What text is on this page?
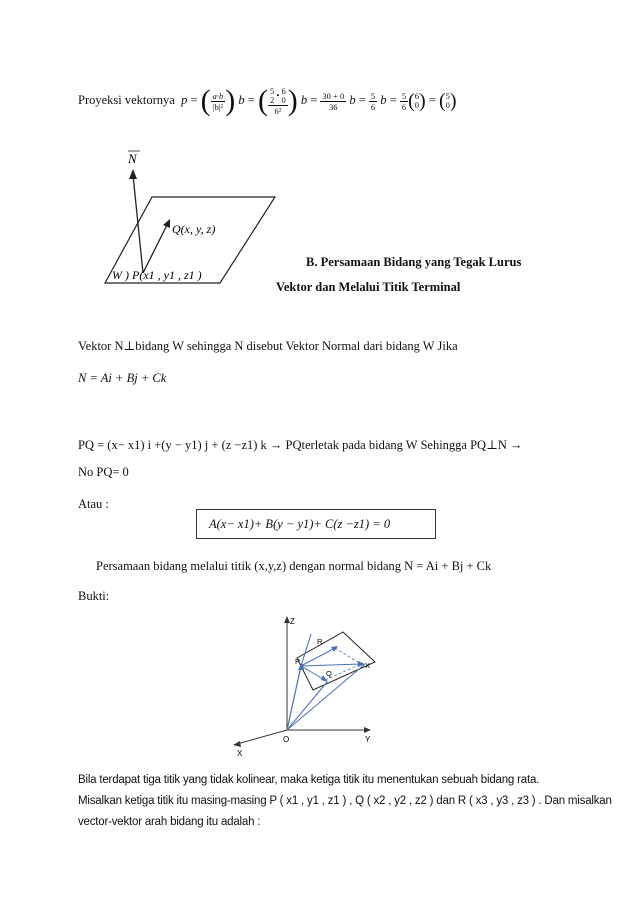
Proyeksi vektornya p = ( $\frac{a\cdot b}{\text{|b|²}}$ ) b = ( 5
2
• 6
0
6² ) $b = \frac{30 + 0}{36}$ $b = \frac{5}{6}$ $b = \frac{5}{6}$ ( 6
0 ) = ( 5
0 )
N
Q(x, y, z)
W ) P(x1 , y1 , z1 )
B. Persamaan Bidang yang Tegak Lurus
Vektor dan Melalui Titik Terminal
Vektor N⊥bidang W sehingga N disebut Vektor Normal dari bidang W Jika
N = Ai + Bj + Ck
PQ = (x− x1) i +(y − y1) j + (z −z1) k → PQterletak pada bidang W Sehingga PQ⊥N →
No PQ= 0
Atau :
A(x− x1)+ B(y − y1)+ C(z −z1) = 0
Persamaan bidang melalui titik (x,y,z) dengan normal bidang N = Ai + Bj + Ck
Bukti:
Z
Y
X
O
P
Q
R
X
Bila terdapat tiga titik yang tidak kolinear, maka ketiga titik itu menentukan sebuah bidang rata.
Misalkan ketiga titik itu masing-masing P ( x1 , y1 , z1 ) , Q ( x2 , y2 , z2 ) dan R ( x3 , y3 , z3 ) . Dan misalkan
vector-vektor arah bidang itu adalah :
